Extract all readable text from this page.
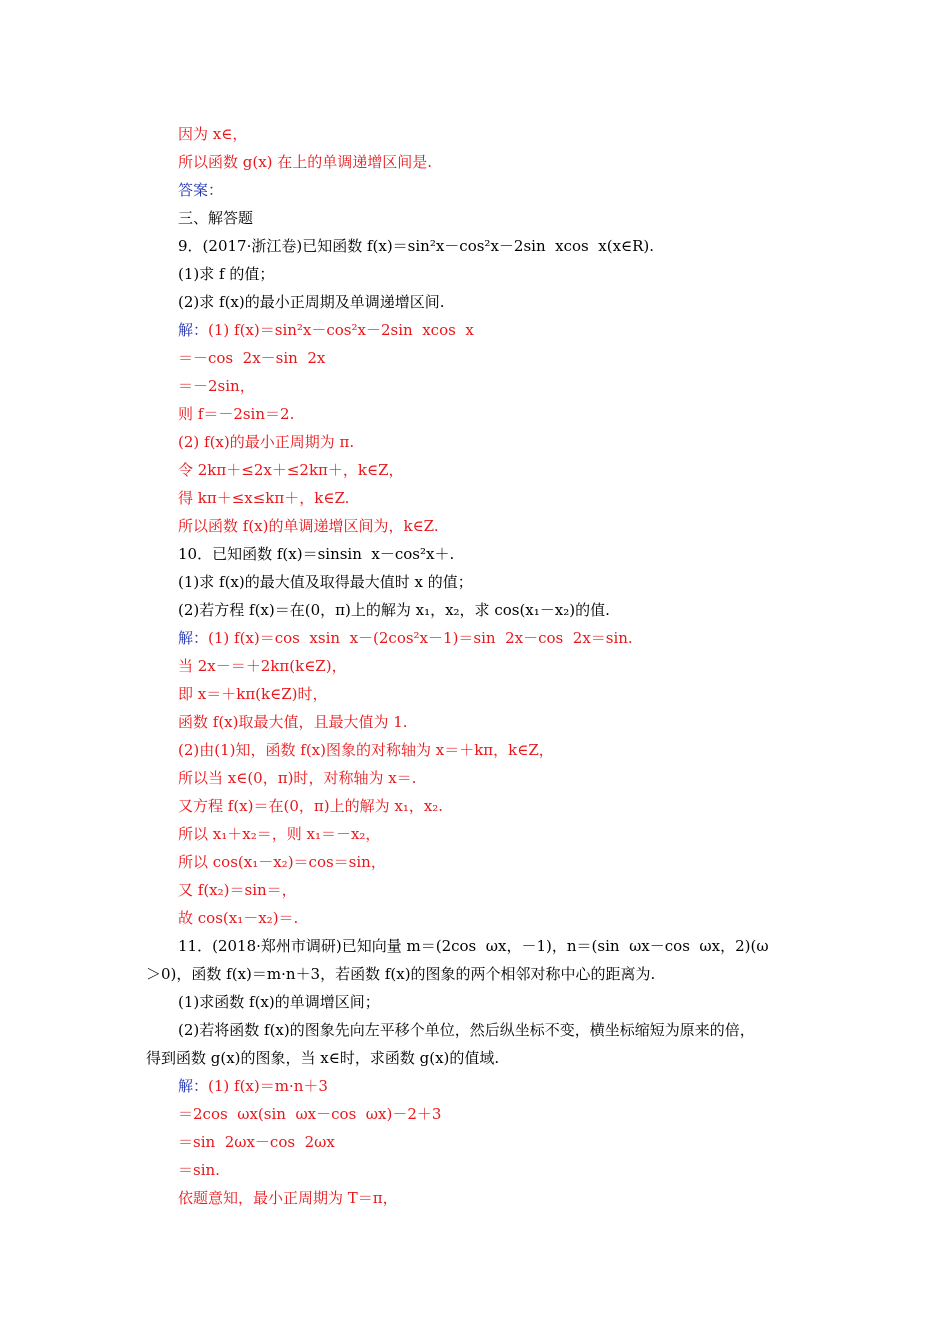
因为 x∈，
所以函数 g(x) 在上的单调递增区间是.
答案：
三、解答题
9．(2017·浙江卷)已知函数 f(x)＝sin²x－cos²x－2sin  xcos  x(x∈R).
(1)求 f 的值；
(2)求 f(x)的最小正周期及单调递增区间.
解：(1) f(x)＝sin²x－cos²x－2sin  xcos  x
＝－cos  2x－sin  2x
＝－2sin，
则 f＝－2sin＝2.
(2) f(x)的最小正周期为 π.
令 2kπ＋≤2x＋≤2kπ＋，k∈Z，
得 kπ＋≤x≤kπ＋，k∈Z.
所以函数 f(x)的单调递增区间为，k∈Z.
10．已知函数 f(x)＝sinsin  x－cos²x＋.
(1)求 f(x)的最大值及取得最大值时 x 的值；
(2)若方程 f(x)＝在(0，π)上的解为 x₁，x₂，求 cos(x₁－x₂)的值.
解：(1) f(x)＝cos  xsin  x－(2cos²x－1)＝sin  2x－cos  2x＝sin.
当 2x－＝＋2kπ(k∈Z)，
即 x＝＋kπ(k∈Z)时，
函数 f(x)取最大值，且最大值为 1.
(2)由(1)知，函数 f(x)图象的对称轴为 x＝＋kπ，k∈Z，
所以当 x∈(0，π)时，对称轴为 x＝.
又方程 f(x)＝在(0，π)上的解为 x₁，x₂.
所以 x₁＋x₂＝，则 x₁＝－x₂，
所以 cos(x₁－x₂)＝cos＝sin，
又 f(x₂)＝sin＝，
故 cos(x₁－x₂)＝.
11．(2018·郑州市调研)已知向量 m＝(2cos  ωx，－1)，n＝(sin  ωx－cos  ωx，2)(ω
＞0)，函数 f(x)＝m·n＋3，若函数 f(x)的图象的两个相邻对称中心的距离为.
(1)求函数 f(x)的单调增区间；
(2)若将函数 f(x)的图象先向左平移个单位，然后纵坐标不变，横坐标缩短为原来的倍，
得到函数 g(x)的图象，当 x∈时，求函数 g(x)的值域.
解：(1) f(x)＝m·n＋3
＝2cos  ωx(sin  ωx－cos  ωx)－2＋3
＝sin  2ωx－cos  2ωx
＝sin.
依题意知，最小正周期为 T＝π，
